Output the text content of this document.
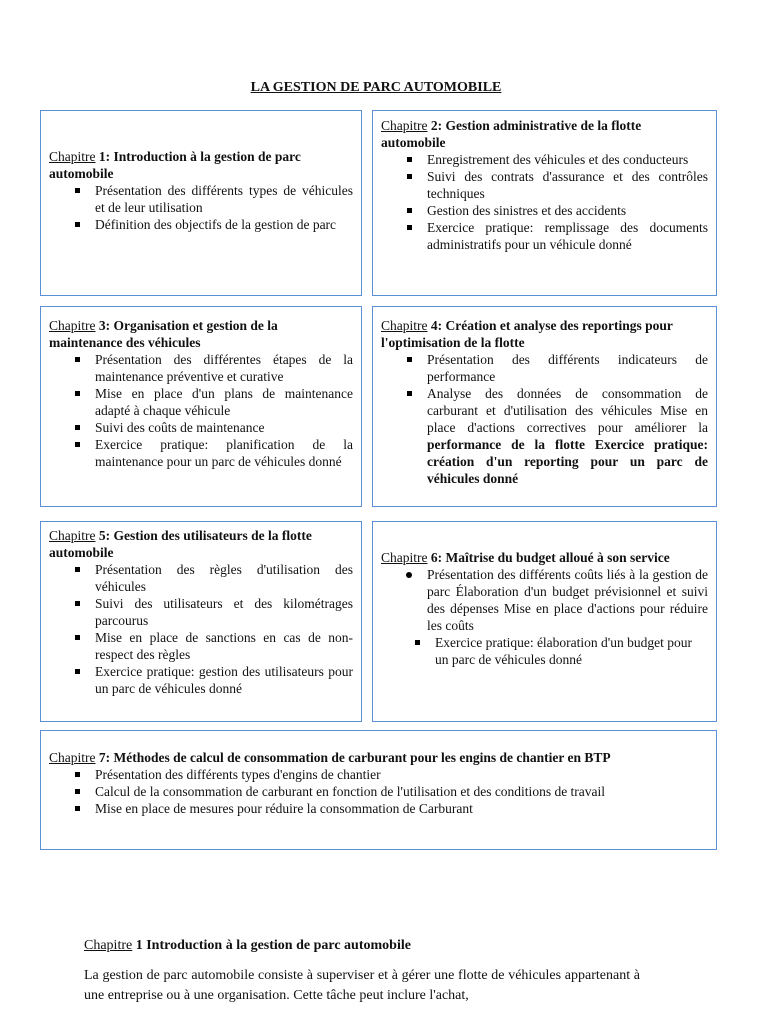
LA GESTION DE PARC AUTOMOBILE
Chapitre 1: Introduction à la gestion de parc automobile
Présentation des différents types de véhicules et de leur utilisation
Définition des objectifs de la gestion de parc
Chapitre 2: Gestion administrative de la flotte automobile
Enregistrement des véhicules et des conducteurs
Suivi des contrats d'assurance et des contrôles techniques
Gestion des sinistres et des accidents
Exercice pratique: remplissage des documents administratifs pour un véhicule donné
Chapitre 3: Organisation et gestion de la maintenance des véhicules
Présentation des différentes étapes de la maintenance préventive et curative
Mise en place d'un plans de maintenance adapté à chaque véhicule
Suivi des coûts de maintenance
Exercice pratique: planification de la maintenance pour un parc de véhicules donné
Chapitre 4: Création et analyse des reportings pour l'optimisation de la flotte
Présentation des différents indicateurs de performance
Analyse des données de consommation de carburant et d'utilisation des véhicules Mise en place d'actions correctives pour améliorer la performance de la flotte Exercice pratique: création d'un reporting pour un parc de véhicules donné
Chapitre 5: Gestion des utilisateurs de la flotte automobile
Présentation des règles d'utilisation des véhicules
Suivi des utilisateurs et des kilométrages parcourus
Mise en place de sanctions en cas de non-respect des règles
Exercice pratique: gestion des utilisateurs pour un parc de véhicules donné
Chapitre 6: Maîtrise du budget alloué à son service
Présentation des différents coûts liés à la gestion de parc Élaboration d'un budget prévisionnel et suivi des dépenses Mise en place d'actions pour réduire les coûts
Exercice pratique: élaboration d'un budget pour un parc de véhicules donné
Chapitre 7: Méthodes de calcul de consommation de carburant pour les engins de chantier en BTP
Présentation des différents types d'engins de chantier
Calcul de la consommation de carburant en fonction de l'utilisation et des conditions de travail
Mise en place de mesures pour réduire la consommation de Carburant
Chapitre 1 Introduction à la gestion de parc automobile

La gestion de parc automobile consiste à superviser et à gérer une flotte de véhicules appartenant à une entreprise ou à une organisation. Cette tâche peut inclure l'achat,
